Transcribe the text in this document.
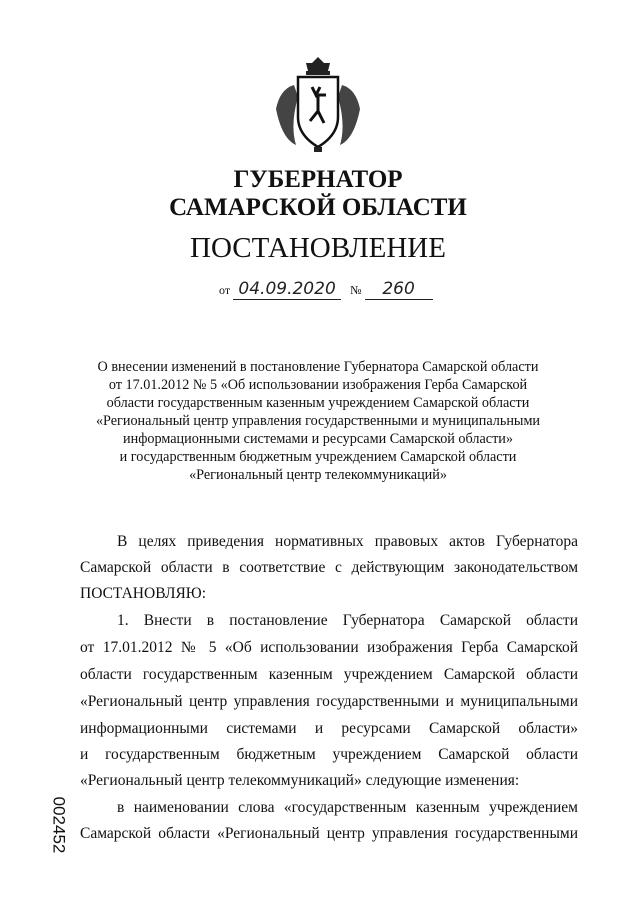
ГУБЕРНАТОР
САМАРСКОЙ ОБЛАСТИ
ПОСТАНОВЛЕНИЕ
от 04.09.2020 № 260
О внесении изменений в постановление Губернатора Самарской области
от 17.01.2012 № 5 «Об использовании изображения Герба Самарской
области государственным казенным учреждением Самарской области
«Региональный центр управления государственными и муниципальными
информационными системами и ресурсами Самарской области»
и государственным бюджетным учреждением Самарской области
«Региональный центр телекоммуникаций»
В целях приведения нормативных правовых актов Губернатора
Самарской области в соответствие с действующим законодательством
ПОСТАНОВЛЯЮ:
1. Внести в постановление Губернатора Самарской области
от 17.01.2012 № 5 «Об использовании изображения Герба Самарской
области государственным казенным учреждением Самарской области
«Региональный центр управления государственными и муниципальными
информационными системами и ресурсами Самарской области»
и государственным бюджетным учреждением Самарской области
«Региональный центр телекоммуникаций» следующие изменения:
в наименовании слова «государственным казенным учреждением
Самарской области «Региональный центр управления государственными
002452
